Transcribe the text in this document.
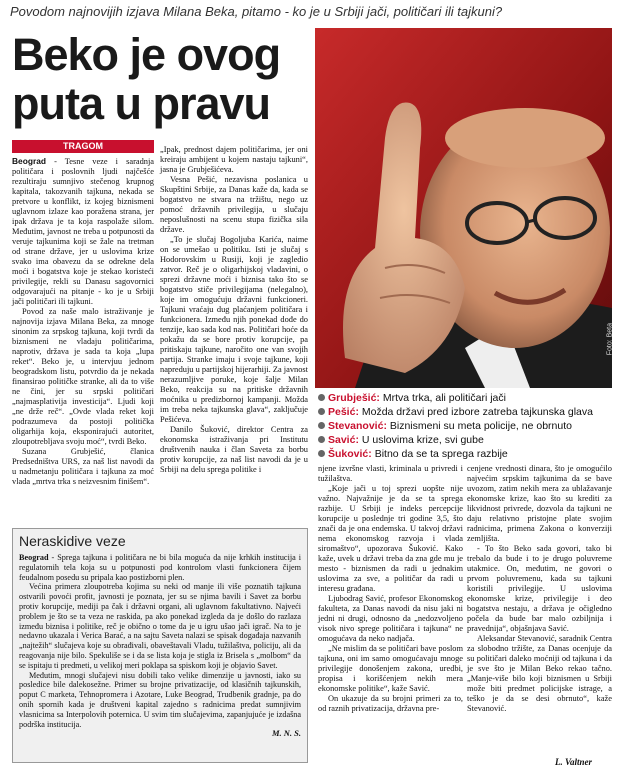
Povodom najnovijih izjava Milana Beka, pitamo - ko je u Srbiji jači, političari ili tajkuni?
Beko je ovog puta u pravu
Foto: Beta
TRAGOM

Beograd - Tesne veze i saradnja političara i poslovnih ljudi najčešće rezultiraju sumnjivo stečenog krupnog kapitala, takozvanih tajkuna, nekada se pretvore u konflikt, iz kojeg biznismeni uglavnom izlaze kao poražena strana, jer ipak država je ta koja raspolaže silom. Međutim, javnost ne treba u potpunosti da veruje tajkunima koji se žale na tretman od strane države, jer u uslovima krize svako ima obavezu da se odrekne dela moći i bogatstva koje je stekao koristeći privilegije, rekli su Danasu sagovornici odgovarajući na pitanje - ko je u Srbiji jači političari ili tajkuni.

Povod za naše malo istraživanje je najnovija izjava Milana Beka, za mnoge sinonim za srpskog tajkuna, koji tvrdi da biznismeni ne vladaju političarima, naprotiv, država je sada ta koja „lupa reket“. Beko je, u intervjuu jednom beogradskom listu, potvrdio da je nekada finansirao političke stranke, ali da to više ne čini, jer su srpski političari „najmasplativija investicija“. Ljudi koji „ne drže reč“. „Ovde vlada reket koji podrazumeva da postoji politička oligarhija koja, eksponirajući autoritet, zloupotrebljava svoju moć“, tvrdi Beko.

Suzana Grubješić, članica Predsedništva URS, za naš list navodi da u nadmetanju političara i tajkuna za moć vlada „mrtva trka s neizvesnim finišem“.

„Ipak, prednost dajem političarima, jer oni kreiraju ambijent u kojem nastaju tajkuni“, jasna je Grubješićeva.

Vesna Pešić, nezavisna poslanica u Skupštini Srbije, za Danas kaže da, kada se bogatstvo ne stvara na tržištu, nego uz pomoć državnih privilegija, u slučaju neposlušnosti na scenu stupa fizička sila države.

„To je slučaj Bogoljuba Karića, naime on se umešao u politiku. Isti je slučaj s Hodorovskim u Rusiji, koji je zagledio zatvor. Reč je o oligarhijskoj vladavini, o sprezi državne moći i biznisa tako što se bogatstvo stiče privilegijama (nelegalno), koje im omogućuju državni funkcioneri. Tajkuni vraćaju dug plaćanjem političara i funkcionera. Između njih ponekad dođe do tenzije, kao sada kod nas. Političari hoće da pokažu da se bore protiv korupcije, pa pritiskaju tajkune, naročito one van svojih partija. Stranke imaju i svoje tajkune, koji napreduju u partijskoj hijerarhiji. Za javnost nerazumljive poruke, koje šalje Milan Beko, reakcija su na pritiske državnih moćnika u predizbornoj kampanji. Možda im treba neka tajkunska glava“, zaključuje Pešićeva.

Danilo Šuković, direktor Centra za ekonomska istraživanja pri Institutu društvenih nauka i član Saveta za borbu protiv korupcije, za naš list navodi da je u Srbiji na delu sprega politike i

Grubješić: Mrtva trka, ali političari jači
Pešić: Možda državi pred izbore zatreba tajkunska glava
Stevanović: Biznismeni su meta policije, ne obrnuto
Savić: U uslovima krize, svi gube
Šuković: Bitno da se ta sprega razbije
Neraskidive veze

Beograd - Sprega tajkuna i političara ne bi bila moguća da nije krhkih institucija i regulatornih tela koja su u potpunosti pod kontrolom vlasti funkcionera čijem feudalnom posedu su pripala kao postizborni plen.

Većina primera zloupotreba kojima su neki od manje ili više poznatih tajkuna ostvarili povoći profit, javnosti je poznata, jer su se njima bavili i Savet za borbu protiv korupcije, mediji pa čak i državni organi, ali uglavnom fakultativno. Najveći problem je što se ta veza ne raskida, pa ako ponekad izgleda da je došlo do razlaza između biznisa i politike, reč je obično o tome da je u igru ušao jači igrač. Na to je nedavno ukazala i Verica Barać, a na sajtu Saveta nalazi se spisak događaja nazvanih „najtežih“ slučajeva koje su obrađivali, obaveštavali Vladu, tužilaštva, policiju, ali da reagovanja nije bilo. Spekuliše se i da se lista koja je stigla iz Brisela s „molbom“ da se ispitaju ti predmeti, u velikoj meri poklapa sa spiskom koji je objavio Savet.

Međutim, mnogi slučajevi nisu dobili tako velike dimenzije u javnosti, iako su posledice bile dalekosežne. Primer su brojne privatizacije, od klasičnih tajkunskih, poput C marketa, Tehnopromета i Azotare, Luke Beograd, Trudbenik gradnje, pa do onih spornih kada je društveni kapital zajedno s radnicima predat sumnjivim vlasnicima sa Interpolovih poternica. U svim tim slučajevima, zapanjujuće je izdašna podrška institucija.

M. N. S.

njene izvršne vlasti, kriminala u privredi i tužilaštva.

„Koje jači u toj sprezi uopšte nije važno. Najvažnije je da se ta sprega razbije. U Srbiji je indeks percepcije korupcije u poslednje tri godine 3,5, što znači da je ona endemska. U takvoj državi nema ekonomskog razvoja i vlada siromaštvo“, upozorava Šuković. Kako kaže, uvek u državi treba da zna gde mu je mesto - biznismen da radi u jednakim uslovima za sve, a političar da radi u interesu građana.

Ljubodrag Savić, profesor Ekonomskog fakulteta, za Danas navodi da nisu jaki ni jedni ni drugi, odnosno da „nedozvoljeno visok nivo sprege političara i tajkuna“ ne omogućava da neko nadjača.

„Ne mislim da se političari bave poslom tajkuna, oni im samo omogućavaju mnoge privilegije donošenjem zakona, uredbi, propisa i korišćenjem nekih mera ekonomske politike“, kaže Savić.

On ukazuje da su brojni primeri za to, od raznih privatizacija, državna pre-

cenjene vrednosti dinara, što je omogućilo najvećim srpskim tajkunima da se bave uvozom, zatim nekih mera za ublažavanje ekonomske krize, kao što su krediti za likvidnost privrede, dozvola da tajkuni ne daju relativno pristojne plate svojim radnicima, primena Zakona o konverziji zemljišta.

- To što Beko sada govori, tako bi trebalo da bude i to je drugo poluvreme utakmice. On, međutim, ne govori o prvom poluvremenu, kada su tajkuni koristili privilegije. U uslovima ekonomske krize, privilegije i deo bogatstva nestaju, a država je očigledno počela da bude bar malo ozbiljnija i pravednija“, objašnjava Savić.

Aleksandar Stevanović, saradnik Centra za slobodno tržište, za Danas ocenjuje da su političari daleko moćniji od tajkuna i da je sve što je Milan Beko rekao tačno. „Manje-više bilo koji biznismen u Srbiji može biti predmet policijske istrage, a teško je da se desi obrnuto“, kaže Stevanović.

L. Valtner
